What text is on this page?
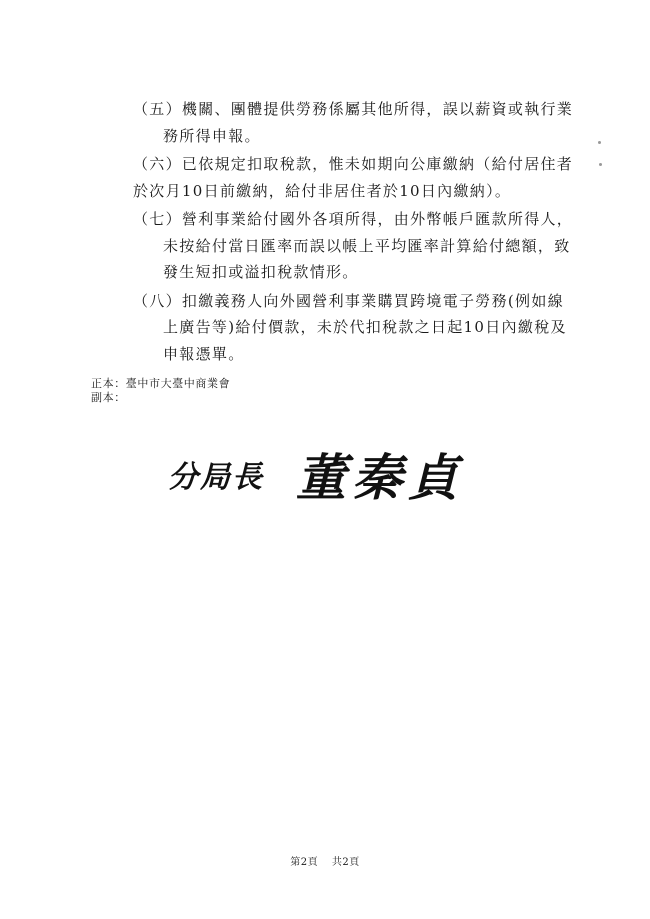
（五）機關、團體提供勞務係屬其他所得，誤以薪資或執行業
務所得申報。
（六）已依規定扣取稅款，惟未如期向公庫繳納（給付居住者
於次月10日前繳納，給付非居住者於10日內繳納）。
（七）營利事業給付國外各項所得，由外幣帳戶匯款所得人，
未按給付當日匯率而誤以帳上平均匯率計算給付總額，致
發生短扣或溢扣稅款情形。
（八）扣繳義務人向外國營利事業購買跨境電子勞務(例如線
上廣告等)給付價款，未於代扣稅款之日起10日內繳稅及
申報憑單。
正本：臺中市大臺中商業會
副本：
分局長 董秦貞
第2頁 共2頁
